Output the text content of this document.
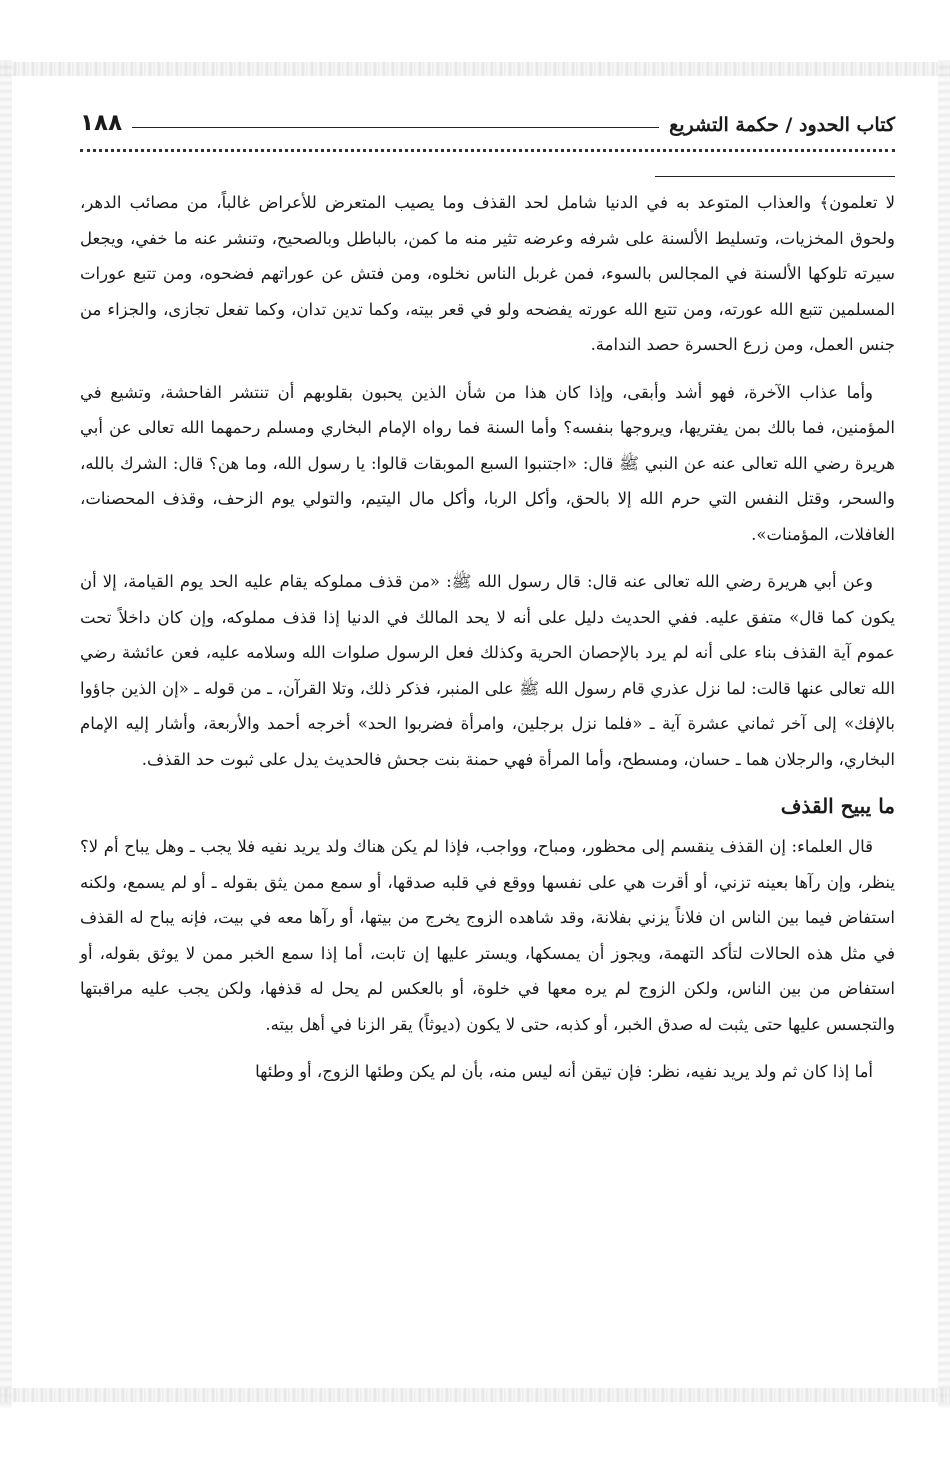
كتاب الحدود / حكمة التشريع
١٨٨

لا تعلمون﴾ والعذاب المتوعد به في الدنيا شامل لحد القذف وما يصيب المتعرض للأعراض غالباً، من مصائب الدهر، ولحوق المخزيات، وتسليط الألسنة على شرفه وعرضه تثير منه ما كمن، بالباطل وبالصحيح، وتنشر عنه ما خفي، ويجعل سيرته تلوكها الألسنة في المجالس بالسوء، فمن غربل الناس نخلوه، ومن فتش عن عوراتهم فضحوه، ومن تتبع عورات المسلمين تتبع الله عورته، ومن تتبع الله عورته يفضحه ولو في قعر بيته، وكما تدين تدان، وكما تفعل تجازى، والجزاء من جنس العمل، ومن زرع الحسرة حصد الندامة.

وأما عذاب الآخرة، فهو أشد وأبقى، وإذا كان هذا من شأن الذين يحبون بقلوبهم أن تنتشر الفاحشة، وتشيع في المؤمنين، فما بالك بمن يفتريها، ويروجها بنفسه؟ وأما السنة فما رواه الإمام البخاري ومسلم رحمهما الله تعالى عن أبي هريرة رضي الله تعالى عنه عن النبي ﷺ قال: «اجتنبوا السبع الموبقات قالوا: يا رسول الله، وما هن؟ قال: الشرك بالله، والسحر، وقتل النفس التي حرم الله إلا بالحق، وأكل الربا، وأكل مال اليتيم، والتولي يوم الزحف، وقذف المحصنات، الغافلات، المؤمنات».

وعن أبي هريرة رضي الله تعالى عنه قال: قال رسول الله ﷺ: «من قذف مملوكه يقام عليه الحد يوم القيامة، إلا أن يكون كما قال» متفق عليه. ففي الحديث دليل على أنه لا يحد المالك في الدنيا إذا قذف مملوكه، وإن كان داخلاً تحت عموم آية القذف بناء على أنه لم يرد بالإحصان الحرية وكذلك فعل الرسول صلوات الله وسلامه عليه، فعن عائشة رضي الله تعالى عنها قالت: لما نزل عذري قام رسول الله ﷺ على المنبر، فذكر ذلك، وتلا القرآن، ـ من قوله ـ «إن الذين جاؤوا بالإفك» إلى آخر ثماني عشرة آية ـ «فلما نزل برجلين، وامرأة فضربوا الحد» أخرجه أحمد والأربعة، وأشار إليه الإمام البخاري، والرجلان هما ـ حسان، ومسطح، وأما المرأة فهي حمنة بنت جحش فالحديث يدل على ثبوت حد القذف.

ما يبيح القذف

قال العلماء: إن القذف ينقسم إلى محظور، ومباح، وواجب، فإذا لم يكن هناك ولد يريد نفيه فلا يجب ـ وهل يباح أم لا؟ ينظر، وإن رآها بعينه تزني، أو أقرت هي على نفسها ووقع في قلبه صدقها، أو سمع ممن يثق بقوله ـ أو لم يسمع، ولكنه استفاض فيما بين الناس ان فلاناً يزني بفلانة، وقد شاهده الزوج يخرج من بيتها، أو رآها معه في بيت، فإنه يباح له القذف في مثل هذه الحالات لتأكد التهمة، ويجوز أن يمسكها، ويستر عليها إن تابت، أما إذا سمع الخبر ممن لا يوثق بقوله، أو استفاض من بين الناس، ولكن الزوج لم يره معها في خلوة، أو بالعكس لم يحل له قذفها، ولكن يجب عليه مراقبتها والتجسس عليها حتى يثبت له صدق الخبر، أو كذبه، حتى لا يكون (ديوثاً) يقر الزنا في أهل بيته.

أما إذا كان ثم ولد يريد نفيه، نظر: فإن تيقن أنه ليس منه، بأن لم يكن وطئها الزوج، أو وطئها
